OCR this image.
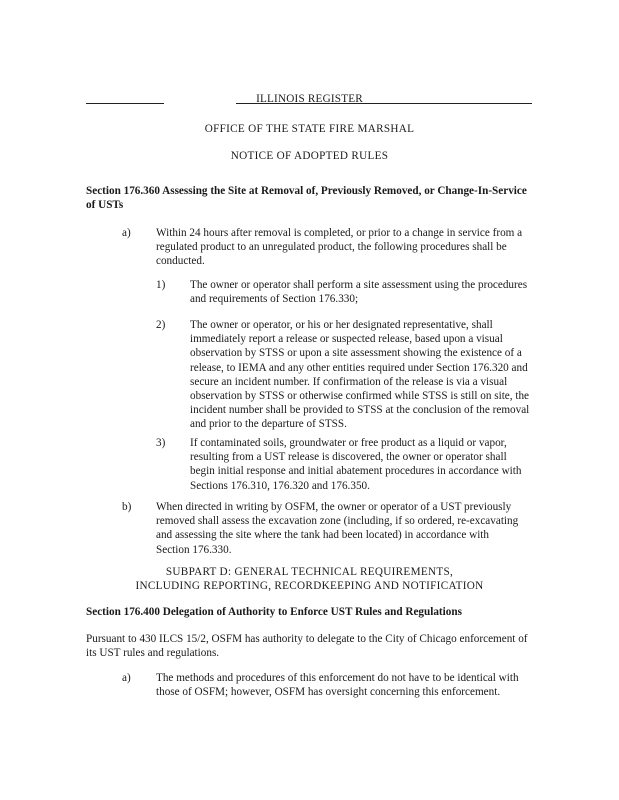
ILLINOIS REGISTER
OFFICE OF THE STATE FIRE MARSHAL
NOTICE OF ADOPTED RULES
Section 176.360 Assessing the Site at Removal of, Previously Removed, or Change-In-Service of USTs
a) Within 24 hours after removal is completed, or prior to a change in service from a regulated product to an unregulated product, the following procedures shall be conducted.
1) The owner or operator shall perform a site assessment using the procedures and requirements of Section 176.330;
2) The owner or operator, or his or her designated representative, shall immediately report a release or suspected release, based upon a visual observation by STSS or upon a site assessment showing the existence of a release, to IEMA and any other entities required under Section 176.320 and secure an incident number. If confirmation of the release is via a visual observation by STSS or otherwise confirmed while STSS is still on site, the incident number shall be provided to STSS at the conclusion of the removal and prior to the departure of STSS.
3) If contaminated soils, groundwater or free product as a liquid or vapor, resulting from a UST release is discovered, the owner or operator shall begin initial response and initial abatement procedures in accordance with Sections 176.310, 176.320 and 176.350.
b) When directed in writing by OSFM, the owner or operator of a UST previously removed shall assess the excavation zone (including, if so ordered, re-excavating and assessing the site where the tank had been located) in accordance with Section 176.330.
SUBPART D: GENERAL TECHNICAL REQUIREMENTS,
INCLUDING REPORTING, RECORDKEEPING AND NOTIFICATION
Section 176.400 Delegation of Authority to Enforce UST Rules and Regulations
Pursuant to 430 ILCS 15/2, OSFM has authority to delegate to the City of Chicago enforcement of its UST rules and regulations.
a) The methods and procedures of this enforcement do not have to be identical with those of OSFM; however, OSFM has oversight concerning this enforcement.
